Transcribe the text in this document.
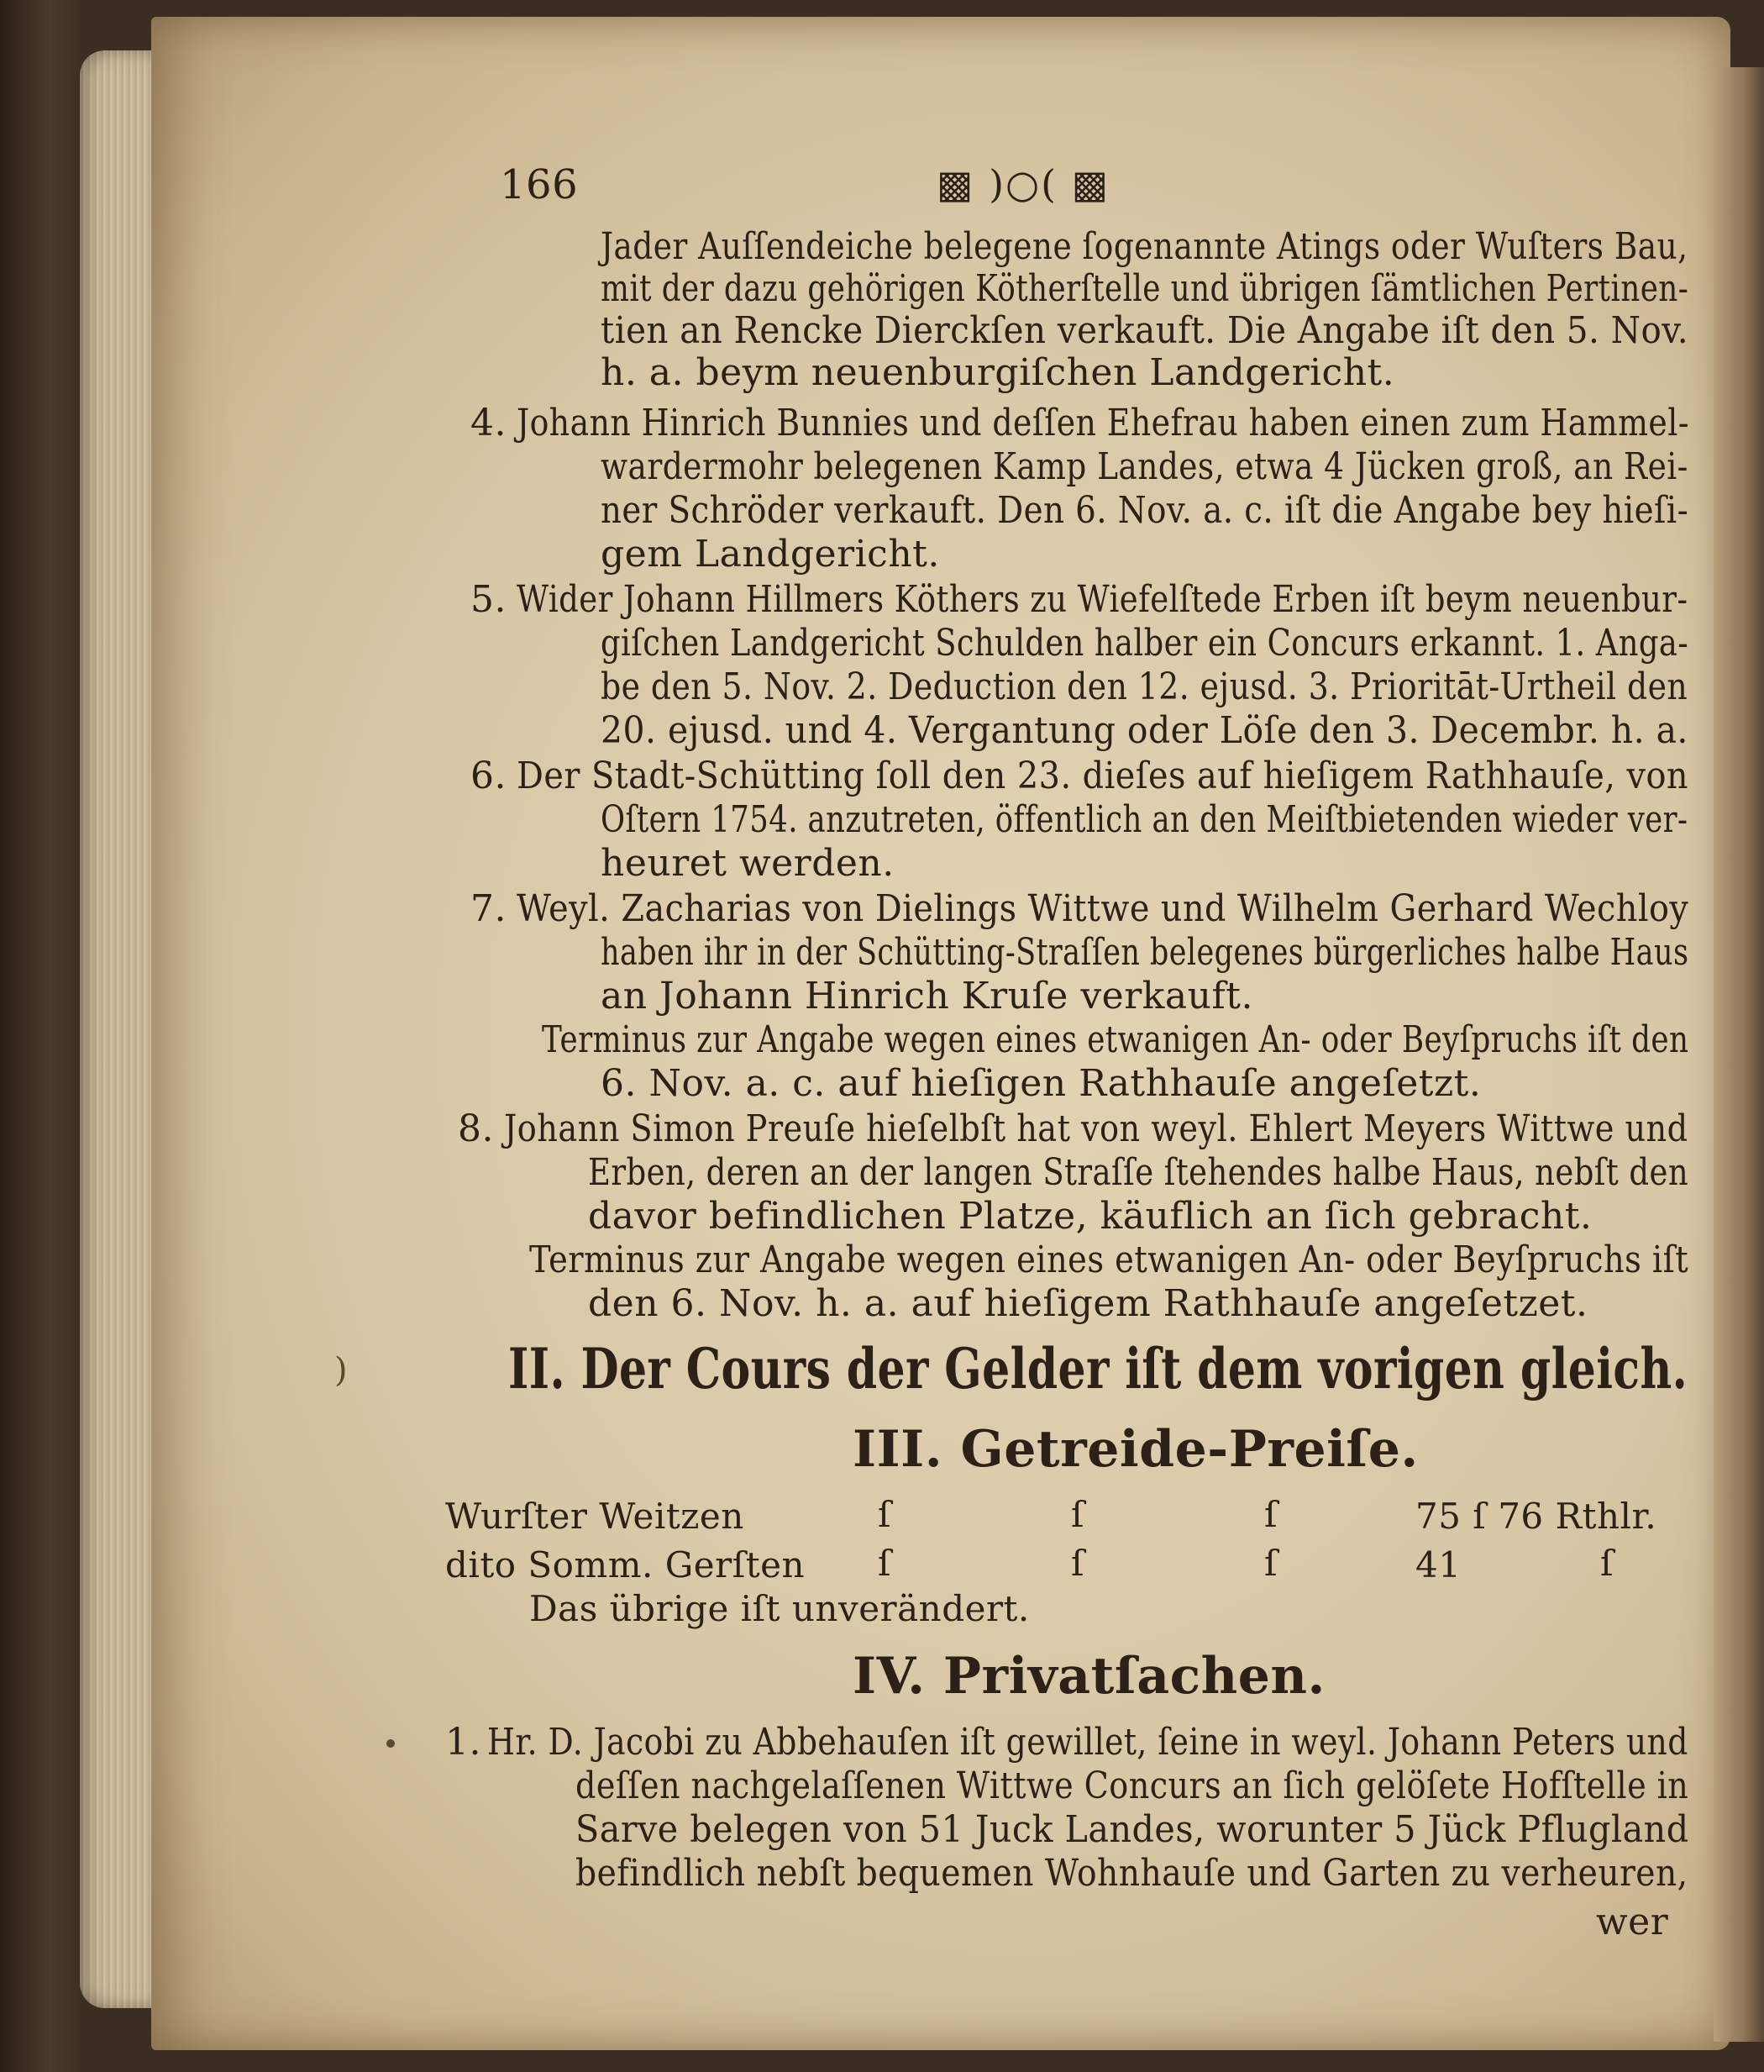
166	▩ )○( ▩
Jader Auſſendeiche belegene ſogenannte Atings oder Wuſters Bau,
mit der dazu gehörigen Kötherſtelle und übrigen ſämtlichen Pertinen-
tien an Rencke Dierckſen verkauft. Die Angabe iſt den 5. Nov.
h. a. beym neuenburgiſchen Landgericht.
4. Johann Hinrich Bunnies und deſſen Ehefrau haben einen zum Hammel-
wardermohr belegenen Kamp Landes, etwa 4 Jücken groß, an Rei-
ner Schröder verkauft. Den 6. Nov. a. c. iſt die Angabe bey hieſi-
gem Landgericht.
5. Wider Johann Hillmers Köthers zu Wiefelſtede Erben iſt beym neuenbur-
giſchen Landgericht Schulden halber ein Concurs erkannt. 1. Anga-
be den 5. Nov. 2. Deduction den 12. ejusd. 3. Prioritāt-Urtheil den
20. ejusd. und 4. Vergantung oder Löſe den 3. Decembr. h. a.
6. Der Stadt-Schütting ſoll den 23. dieſes auf hieſigem Rathhauſe, von
Oſtern 1754. anzutreten, öffentlich an den Meiſtbietenden wieder ver-
heuret werden.
7. Weyl. Zacharias von Dielings Wittwe und Wilhelm Gerhard Wechloy
haben ihr in der Schütting-Straſſen belegenes bürgerliches halbe Haus
an Johann Hinrich Kruſe verkauft.
Terminus zur Angabe wegen eines etwanigen An- oder Beyſpruchs iſt den
6. Nov. a. c. auf hieſigen Rathhauſe angeſetzt.
8. Johann Simon Preuſe hieſelbſt hat von weyl. Ehlert Meyers Wittwe und
Erben, deren an der langen Straſſe ſtehendes halbe Haus, nebſt den
davor befindlichen Platze, käuflich an ſich gebracht.
Terminus zur Angabe wegen eines etwanigen An- oder Beyſpruchs iſt
den 6. Nov. h. a. auf hieſigem Rathhauſe angeſetzet.
II. Der Cours der Gelder iſt dem vorigen gleich.
III. Getreide-Preiſe.
Wurſter Weitzen	ſ	ſ	ſ	75 ſ 76 Rthlr.
dito Somm. Gerſten ſ	ſ	ſ	41	ſ
Das übrige iſt unverändert.
IV. Privatſachen.
1. Hr. D. Jacobi zu Abbehauſen iſt gewillet, ſeine in weyl. Johann Peters und
deſſen nachgelaſſenen Wittwe Concurs an ſich gelöſete Hofſtelle in
Sarve belegen von 51 Juck Landes, worunter 5 Jück Pflugland
befindlich nebſt bequemen Wohnhauſe und Garten zu verheuren,
wer
)
